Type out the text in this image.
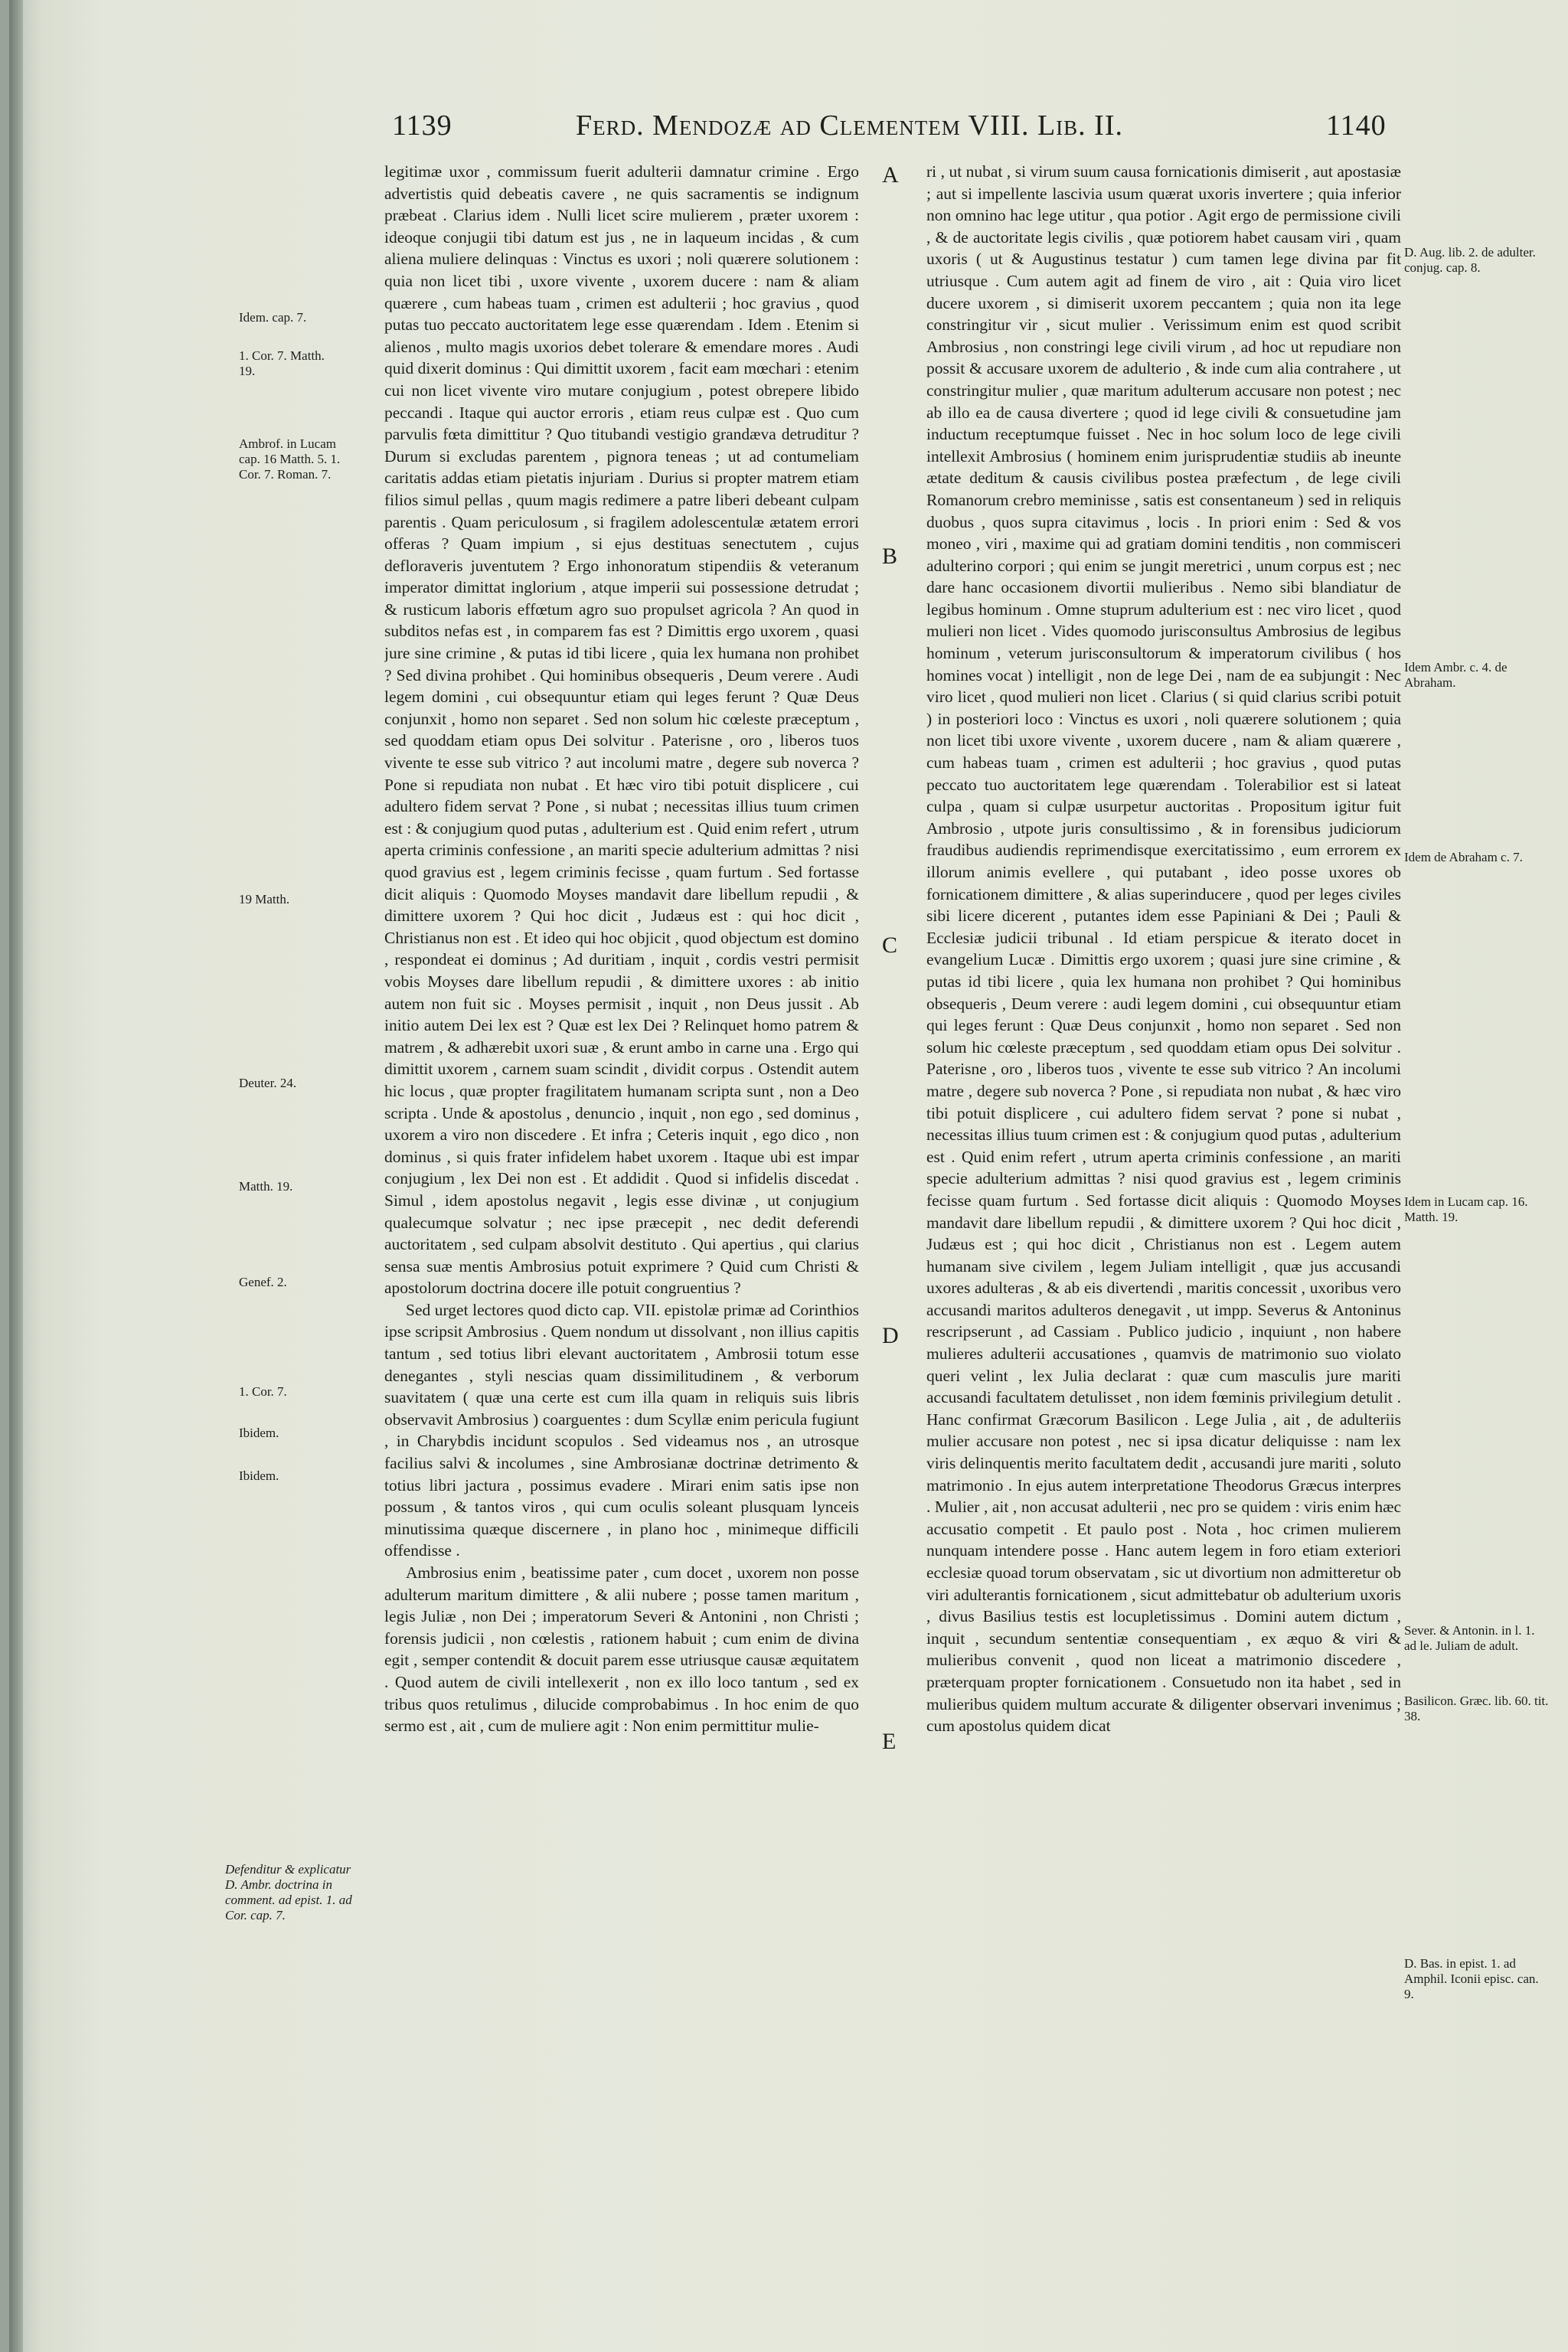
1139	Ferd. Mendozæ ad Clementem VIII. Lib. II.	1140
Idem. cap. 7.
1. Cor. 7. Matth. 19.
Ambrof. in Lucam cap. 16 Matth. 5. 1. Cor. 7. Roman. 7.
19 Matth.
Deuter. 24.
Matth. 19.
Genef. 2.
1. Cor. 7.
Ibidem.
Ibidem.
Defenditur & explicatur D. Ambr. doctrina in comment. ad epist. 1. ad Cor. cap. 7.

legitimæ uxor , commissum fuerit adulterii damnatur crimine . Ergo advertistis quid debeatis cavere , ne quis sacramentis se indignum præbeat . Clarius idem . Nulli licet scire mulierem , præter uxorem : ideoque conjugii tibi datum est jus , ne in laqueum incidas , & cum aliena muliere delinquas : Vinctus es uxori ; noli quærere solutionem : quia non licet tibi , uxore vivente , uxorem ducere : nam & aliam quærere , cum habeas tuam , crimen est adulterii ; hoc gravius , quod putas tuo peccato auctoritatem lege esse quærendam . Idem . Etenim si alienos , multo magis uxorios debet tolerare & emendare mores . Audi quid dixerit dominus : Qui dimittit uxorem , facit eam mœchari : etenim cui non licet vivente viro mutare conjugium , potest obrepere libido peccandi . Itaque qui auctor erroris , etiam reus culpæ est . Quo cum parvulis fœta dimittitur ? Quo titubandi vestigio grandæva detruditur ? Durum si excludas parentem , pignora teneas ; ut ad contumeliam caritatis addas etiam pietatis injuriam . Durius si propter matrem etiam filios simul pellas , quum magis redimere a patre liberi debeant culpam parentis . Quam periculosum , si fragilem adolescentulæ ætatem errori offeras ? Quam impium , si ejus destituas senectutem , cujus defloraveris juventutem ? Ergo inhonoratum stipendiis & veteranum imperator dimittat inglorium , atque imperii sui possessione detrudat ; & rusticum laboris effœtum agro suo propulset agricola ? An quod in subditos nefas est , in comparem fas est ? Dimittis ergo uxorem , quasi jure sine crimine , & putas id tibi licere , quia lex humana non prohibet ? Sed divina prohibet . Qui hominibus obsequeris , Deum verere . Audi legem domini , cui obsequuntur etiam qui leges ferunt ? Quæ Deus conjunxit , homo non separet . Sed non solum hic cœleste præceptum , sed quoddam etiam opus Dei solvitur . Paterisne , oro , liberos tuos vivente te esse sub vitrico ? aut incolumi matre , degere sub noverca ? Pone si repudiata non nubat . Et hæc viro tibi potuit displicere , cui adultero fidem servat ? Pone , si nubat ; necessitas illius tuum crimen est : & conjugium quod putas , adulterium est . Quid enim refert , utrum aperta criminis confessione , an mariti specie adulterium admittas ? nisi quod gravius est , legem criminis fecisse , quam furtum . Sed fortasse dicit aliquis : Quomodo Moyses mandavit dare libellum repudii , & dimittere uxorem ? Qui hoc dicit , Judæus est : qui hoc dicit , Christianus non est . Et ideo qui hoc objicit , quod objectum est domino , respondeat ei dominus ; Ad duritiam , inquit , cordis vestri permisit vobis Moyses dare libellum repudii , & dimittere uxores : ab initio autem non fuit sic . Moyses permisit , inquit , non Deus jussit . Ab initio autem Dei lex est ? Quæ est lex Dei ? Relinquet homo patrem & matrem , & adhærebit uxori suæ , & erunt ambo in carne una . Ergo qui dimittit uxorem , carnem suam scindit , dividit corpus . Ostendit autem hic locus , quæ propter fragilitatem humanam scripta sunt , non a Deo scripta . Unde & apostolus , denuncio , inquit , non ego , sed dominus , uxorem a viro non discedere . Et infra ; Ceteris inquit , ego dico , non dominus , si quis frater infidelem habet uxorem . Itaque ubi est impar conjugium , lex Dei non est . Et addidit . Quod si infidelis discedat . Simul , idem apostolus negavit , legis esse divinæ , ut conjugium qualecumque solvatur ; nec ipse præcepit , nec dedit deferendi auctoritatem , sed culpam absolvit destituto . Qui apertius , qui clarius sensa suæ mentis Ambrosius potuit exprimere ? Quid cum Christi & apostolorum doctrina docere ille potuit congruentius ?

Sed urget lectores quod dicto cap. VII. epistolæ primæ ad Corinthios ipse scripsit Ambrosius . Quem nondum ut dissolvant , non illius capitis tantum , sed totius libri elevant auctoritatem , Ambrosii totum esse denegantes , styli nescias quam dissimilitudinem , & verborum suavitatem ( quæ una certe est cum illa quam in reliquis suis libris observavit Ambrosius ) coarguentes : dum Scyllæ enim pericula fugiunt , in Charybdis incidunt scopulos . Sed videamus nos , an utrosque facilius salvi & incolumes , sine Ambrosianæ doctrinæ detrimento & totius libri jactura , possimus evadere . Mirari enim satis ipse non possum , & tantos viros , qui cum oculis soleant plusquam lynceis minutissima quæque discernere , in plano hoc , minimeque difficili offendisse .

Ambrosius enim , beatissime pater , cum docet , uxorem non posse adulterum maritum dimittere , & alii nubere ; posse tamen maritum , legis Juliæ , non Dei ; imperatorum Severi & Antonini , non Christi ; forensis judicii , non cœlestis , rationem habuit ; cum enim de divina egit , semper contendit & docuit parem esse utriusque causæ æquitatem . Quod autem de civili intellexerit , non ex illo loco tantum , sed ex tribus quos retulimus , dilucide comprobabimus . In hoc enim de quo sermo est , ait , cum de muliere agit : Non enim permittitur mulie-

A
B
C
D
E

ri , ut nubat , si virum suum causa fornicationis dimiserit , aut apostasiæ ; aut si impellente lascivia usum quærat uxoris invertere ; quia inferior non omnino hac lege utitur , qua potior . Agit ergo de permissione civili , & de auctoritate legis civilis , quæ potiorem habet causam viri , quam uxoris ( ut & Augustinus testatur ) cum tamen lege divina par fit utriusque . Cum autem agit ad finem de viro , ait : Quia viro licet ducere uxorem , si dimiserit uxorem peccantem ; quia non ita lege constringitur vir , sicut mulier . Verissimum enim est quod scribit Ambrosius , non constringi lege civili virum , ad hoc ut repudiare non possit & accusare uxorem de adulterio , & inde cum alia contrahere , ut constringitur mulier , quæ maritum adulterum accusare non potest ; nec ab illo ea de causa divertere ; quod id lege civili & consuetudine jam inductum receptumque fuisset . Nec in hoc solum loco de lege civili intellexit Ambrosius ( hominem enim jurisprudentiæ studiis ab ineunte ætate deditum & causis civilibus postea præfectum , de lege civili Romanorum crebro meminisse , satis est consentaneum ) sed in reliquis duobus , quos supra citavimus , locis . In priori enim : Sed & vos moneo , viri , maxime qui ad gratiam domini tenditis , non commisceri adulterino corpori ; qui enim se jungit meretrici , unum corpus est ; nec dare hanc occasionem divortii mulieribus . Nemo sibi blandiatur de legibus hominum . Omne stuprum adulterium est : nec viro licet , quod mulieri non licet . Vides quomodo jurisconsultus Ambrosius de legibus hominum , veterum jurisconsultorum & imperatorum civilibus ( hos homines vocat ) intelligit , non de lege Dei , nam de ea subjungit : Nec viro licet , quod mulieri non licet . Clarius ( si quid clarius scribi potuit ) in posteriori loco : Vinctus es uxori , noli quærere solutionem ; quia non licet tibi uxore vivente , uxorem ducere , nam & aliam quærere , cum habeas tuam , crimen est adulterii ; hoc gravius , quod putas peccato tuo auctoritatem lege quærendam . Tolerabilior est si lateat culpa , quam si culpæ usurpetur auctoritas . Propositum igitur fuit Ambrosio , utpote juris consultissimo , & in forensibus judiciorum fraudibus audiendis reprimendisque exercitatissimo , eum errorem ex illorum animis evellere , qui putabant , ideo posse uxores ob fornicationem dimittere , & alias superinducere , quod per leges civiles sibi licere dicerent , putantes idem esse Papiniani & Dei ; Pauli & Ecclesiæ judicii tribunal . Id etiam perspicue & iterato docet in evangelium Lucæ . Dimittis ergo uxorem ; quasi jure sine crimine , & putas id tibi licere , quia lex humana non prohibet ? Qui hominibus obsequeris , Deum verere : audi legem domini , cui obsequuntur etiam qui leges ferunt : Quæ Deus conjunxit , homo non separet . Sed non solum hic cœleste præceptum , sed quoddam etiam opus Dei solvitur . Paterisne , oro , liberos tuos , vivente te esse sub vitrico ? An incolumi matre , degere sub noverca ? Pone , si repudiata non nubat , & hæc viro tibi potuit displicere , cui adultero fidem servat ? pone si nubat , necessitas illius tuum crimen est : & conjugium quod putas , adulterium est . Quid enim refert , utrum aperta criminis confessione , an mariti specie adulterium admittas ? nisi quod gravius est , legem criminis fecisse quam furtum . Sed fortasse dicit aliquis : Quomodo Moyses mandavit dare libellum repudii , & dimittere uxorem ? Qui hoc dicit , Judæus est ; qui hoc dicit , Christianus non est . Legem autem humanam sive civilem , legem Juliam intelligit , quæ jus accusandi uxores adulteras , & ab eis divertendi , maritis concessit , uxoribus vero accusandi maritos adulteros denegavit , ut impp. Severus & Antoninus rescripserunt , ad Cassiam . Publico judicio , inquiunt , non habere mulieres adulterii accusationes , quamvis de matrimonio suo violato queri velint , lex Julia declarat : quæ cum masculis jure mariti accusandi facultatem detulisset , non idem fœminis privilegium detulit . Hanc confirmat Græcorum Basilicon . Lege Julia , ait , de adulteriis mulier accusare non potest , nec si ipsa dicatur deliquisse : nam lex viris delinquentis merito facultatem dedit , accusandi jure mariti , soluto matrimonio . In ejus autem interpretatione Theodorus Græcus interpres . Mulier , ait , non accusat adulterii , nec pro se quidem : viris enim hæc accusatio competit . Et paulo post . Nota , hoc crimen mulierem nunquam intendere posse . Hanc autem legem in foro etiam exteriori ecclesiæ quoad torum observatam , sic ut divortium non admitteretur ob viri adulterantis fornicationem , sicut admittebatur ob adulterium uxoris , divus Basilius testis est locupletissimus . Domini autem dictum , inquit , secundum sententiæ consequentiam , ex æquo & viri & mulieribus convenit , quod non liceat a matrimonio discedere , præterquam propter fornicationem . Consuetudo non ita habet , sed in mulieribus quidem multum accurate & diligenter observari invenimus ; cum apostolus quidem dicat

D. Aug. lib. 2. de adulter. conjug. cap. 8.
Idem Ambr. c. 4. de Abraham.
Idem de Abraham c. 7.
Idem in Lucam cap. 16. Matth. 19.
Sever. & Antonin. in l. 1. ad le. Juliam de adult.
Basilicon. Græc. lib. 60. tit. 38.
D. Bas. in epist. 1. ad Amphil. Iconii episc. can. 9.
